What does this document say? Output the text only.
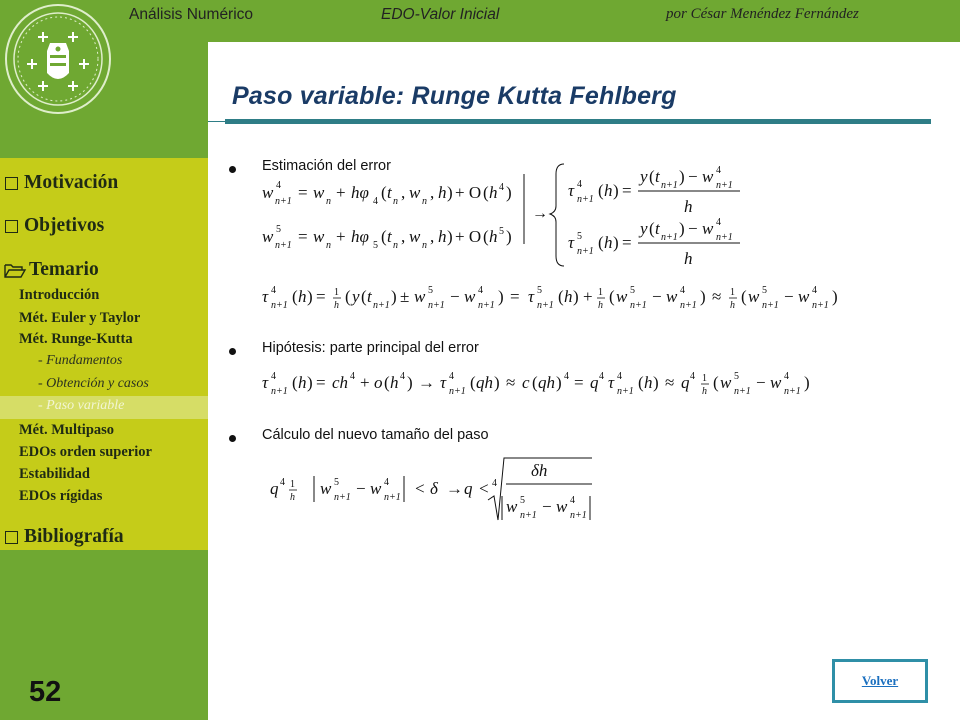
Análisis Numérico	EDO-Valor Inicial	por César Menéndez Fernández
Paso variable: Runge Kutta Fehlberg
Motivación
Objetivos
Temario
Introducción
Mét. Euler y Taylor
Mét. Runge-Kutta
- Fundamentos
- Obtención y casos
- Paso variable
Mét. Multipaso
EDOs orden superior
Estabilidad
EDOs rígidas
Bibliografía
52
Estimación del error
Hipótesis: parte principal del error
Cálculo del nuevo tamaño del paso
w 4
n+1 = w n + hφ 4 ( t n , w n , h ) + O ( h 4 )
w 5
n+1 = w n + hφ 5 ( t n , w n , h ) + O ( h 5 )
→
τ 4
n+1 ( h ) =
y ( t n+1 ) − w 4
n+1
h
τ 5
n+1 ( h ) =
y ( t n+1 ) − w 4
n+1
h
τ 4
n+1 ( h ) = 1
h ( y ( t n+1 ) ± w 5
n+1 − w 4
n+1 ) = τ 5
n+1 ( h ) + 1
h ( w 5
n+1 − w 4
n+1 ) ≈ 1
h ( w 5
n+1 − w 4
n+1 )
τ 4
n+1 ( h ) = ch 4 + o ( h 4 ) → τ 4
n+1 ( qh ) ≈ c ( qh ) 4 = q 4 τ 4
n+1 ( h ) ≈ q 4 1
h ( w 5
n+1 − w 4
n+1 )
q 4 1
h w 5
n+1 − w 4
n+1 < δ → q < 4
δh
w 5
n+1 − w 4
n+1
Volver
